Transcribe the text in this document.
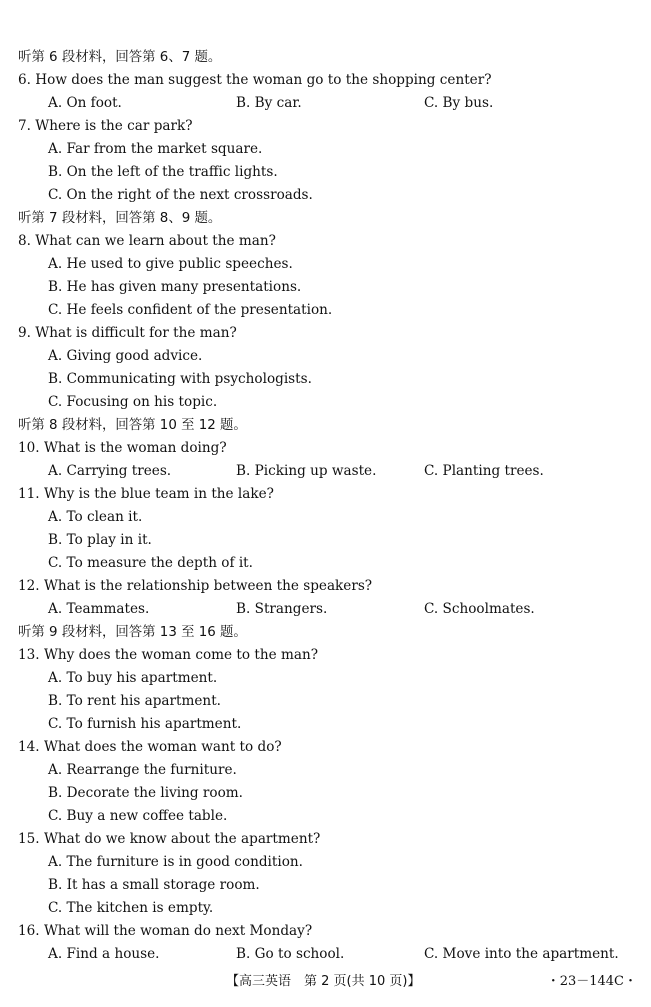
听第 6 段材料，回答第 6、7 题。
6. How does the man suggest the woman go to the shopping center?
A. On foot.	B. By car.	C. By bus.
7. Where is the car park?
A. Far from the market square.
B. On the left of the traffic lights.
C. On the right of the next crossroads.
听第 7 段材料，回答第 8、9 题。
8. What can we learn about the man?
A. He used to give public speeches.
B. He has given many presentations.
C. He feels confident of the presentation.
9. What is difficult for the man?
A. Giving good advice.
B. Communicating with psychologists.
C. Focusing on his topic.
听第 8 段材料，回答第 10 至 12 题。
10. What is the woman doing?
A. Carrying trees.	B. Picking up waste.	C. Planting trees.
11. Why is the blue team in the lake?
A. To clean it.
B. To play in it.
C. To measure the depth of it.
12. What is the relationship between the speakers?
A. Teammates.	B. Strangers.	C. Schoolmates.
听第 9 段材料，回答第 13 至 16 题。
13. Why does the woman come to the man?
A. To buy his apartment.
B. To rent his apartment.
C. To furnish his apartment.
14. What does the woman want to do?
A. Rearrange the furniture.
B. Decorate the living room.
C. Buy a new coffee table.
15. What do we know about the apartment?
A. The furniture is in good condition.
B. It has a small storage room.
C. The kitchen is empty.
16. What will the woman do next Monday?
A. Find a house.	B. Go to school.	C. Move into the apartment.
【高三英语　第 2 页(共 10 页)】	・23－144C・
